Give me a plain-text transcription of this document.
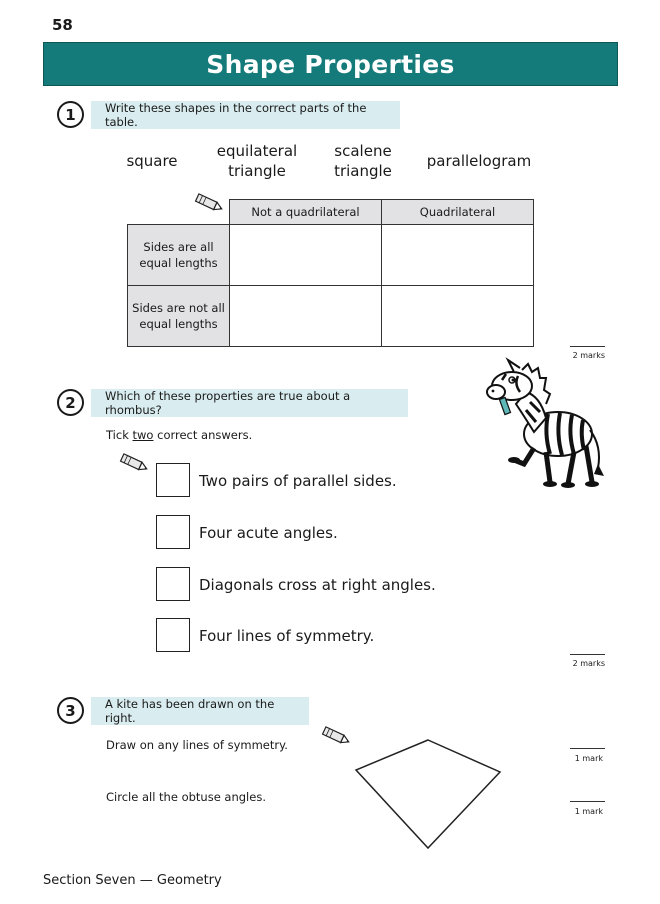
58
Shape Properties
1	Write these shapes in the correct parts of the table.
square
equilateral
triangle
scalene
triangle
parallelogram
	Not a quadrilateral	Quadrilateral

Sides are all
equal lengths		

Sides are not all
equal lengths		

2 marks
2	Which of these properties are true about a rhombus?
Tick two correct answers.
Two pairs of parallel sides.
Four acute angles.
Diagonals cross at right angles.
Four lines of symmetry.
2 marks
3	A kite has been drawn on the right.
Draw on any lines of symmetry.
Circle all the obtuse angles.
1 mark
1 mark
Section Seven — Geometry
